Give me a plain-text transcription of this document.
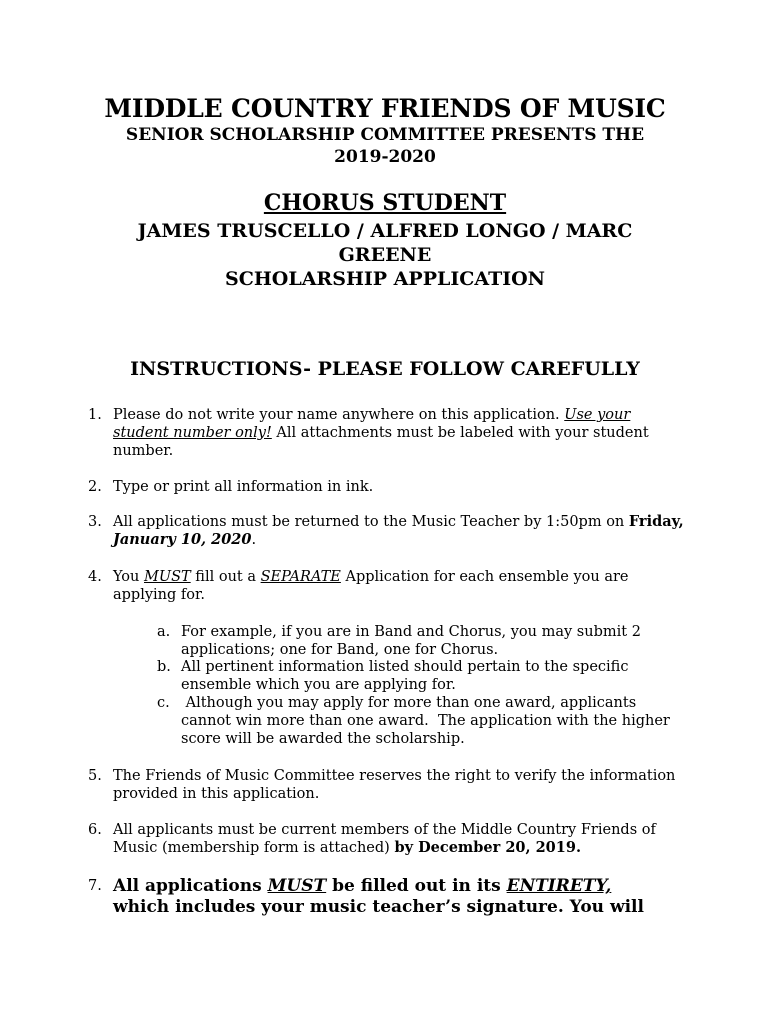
MIDDLE COUNTRY FRIENDS OF MUSIC
SENIOR SCHOLARSHIP COMMITTEE PRESENTS THE
2019-2020
CHORUS STUDENT
JAMES TRUSCELLO / ALFRED LONGO / MARC
GREENE
SCHOLARSHIP APPLICATION
INSTRUCTIONS- PLEASE FOLLOW CAREFULLY
1. Please do not write your name anywhere on this application. Use your student number only! All attachments must be labeled with your student number.
2. Type or print all information in ink.
3. All applications must be returned to the Music Teacher by 1:50pm on Friday, January 10, 2020.
4. You MUST fill out a SEPARATE Application for each ensemble you are applying for.
a. For example, if you are in Band and Chorus, you may submit 2 applications; one for Band, one for Chorus.
b. All pertinent information listed should pertain to the specific ensemble which you are applying for.
c. Although you may apply for more than one award, applicants cannot win more than one award.  The application with the higher score will be awarded the scholarship.
5. The Friends of Music Committee reserves the right to verify the information provided in this application.
6. All applicants must be current members of the Middle Country Friends of Music (membership form is attached) by December 20, 2019.
7. All applications MUST be filled out in its ENTIRETY, which includes your music teacher’s signature. You will
